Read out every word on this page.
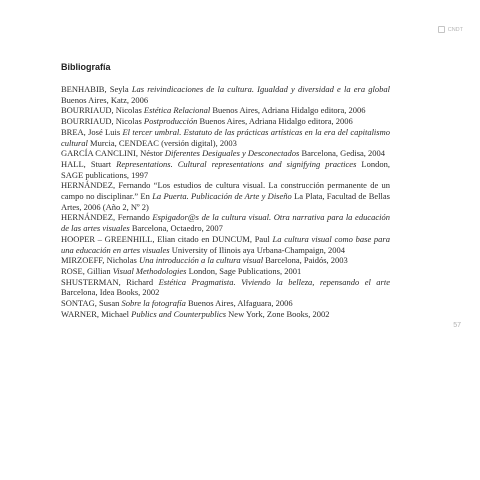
CNDT
Bibliografía
BENHABIB, Seyla Las reivindicaciones de la cultura. Igualdad y diversidad e la era global Buenos Aires, Katz, 2006
BOURRIAUD, Nicolas Estética Relacional Buenos Aires, Adriana Hidalgo editora, 2006
BOURRIAUD, Nicolas Postproducción Buenos Aires, Adriana Hidalgo editora, 2006
BREA, José Luis El tercer umbral. Estatuto de las prácticas artísticas en la era del capitalismo cultural Murcia, CENDEAC (versión digital), 2003
GARCÍA CANCLINI, Néstor Diferentes Desiguales y Desconectados Barcelona, Gedisa, 2004
HALL, Stuart Representations. Cultural representations and signifying practices London, SAGE publications, 1997
HERNÁNDEZ, Fernando “Los estudios de cultura visual. La construcción permanente de un campo no disciplinar.” En La Puerta. Publicación de Arte y Diseño La Plata, Facultad de Bellas Artes, 2006 (Año 2, Nº 2)
HERNÁNDEZ, Fernando Espigador@s de la cultura visual. Otra narrativa para la educación de las artes visuales Barcelona, Octaedro, 2007
HOOPER – GREENHILL, Elian citado en DUNCUM, Paul La cultura visual como base para una educación en artes visuales University of Ilinois aya Urbana-Champaign, 2004
MIRZOEFF, Nicholas Una introducción a la cultura visual Barcelona, Paidós, 2003
ROSE, Gillian Visual Methodologies London, Sage Publications, 2001
SHUSTERMAN, Richard Estética Pragmatista. Viviendo la belleza, repensando el arte Barcelona, Idea Books, 2002
SONTAG, Susan Sobre la fotografía Buenos Aires, Alfaguara, 2006
WARNER, Michael Publics and Counterpublics New York, Zone Books, 2002
57
